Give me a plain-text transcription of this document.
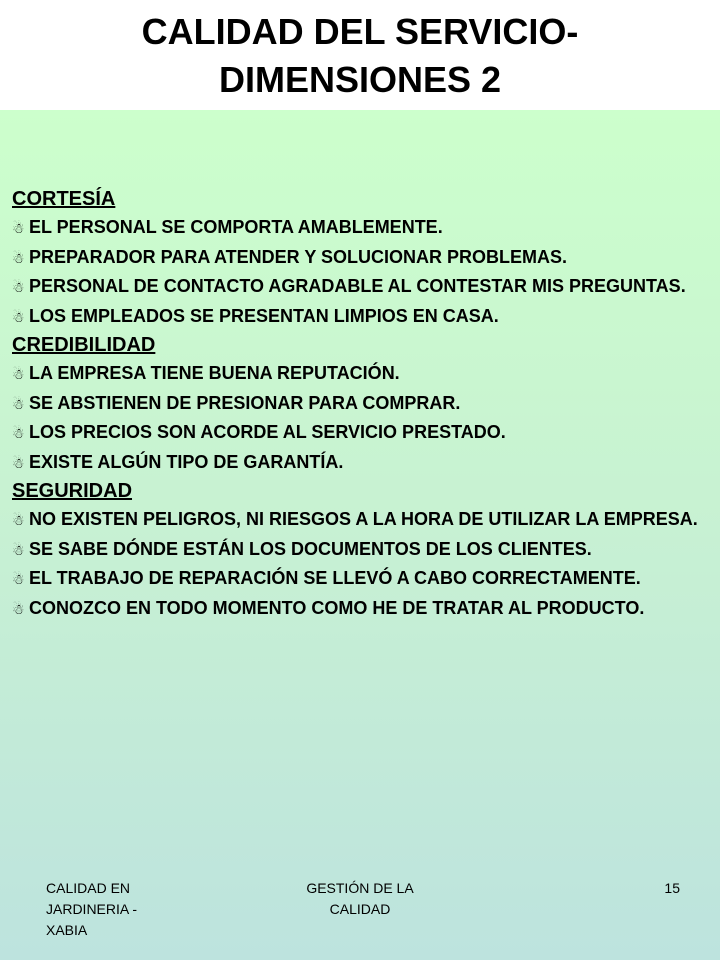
CALIDAD DEL SERVICIO-
DIMENSIONES 2
CORTESÍA
☃ EL PERSONAL SE COMPORTA AMABLEMENTE.
☃ PREPARADOR PARA ATENDER Y SOLUCIONAR PROBLEMAS.
☃ PERSONAL DE CONTACTO AGRADABLE AL CONTESTAR MIS PREGUNTAS.
☃ LOS EMPLEADOS SE PRESENTAN LIMPIOS EN CASA.
CREDIBILIDAD
☃ LA EMPRESA TIENE BUENA REPUTACIÓN.
☃ SE ABSTIENEN DE PRESIONAR PARA COMPRAR.
☃ LOS PRECIOS SON ACORDE AL SERVICIO PRESTADO.
☃ EXISTE ALGÚN TIPO DE GARANTÍA.
SEGURIDAD
☃ NO EXISTEN PELIGROS, NI RIESGOS A LA HORA DE UTILIZAR LA EMPRESA.
☃ SE SABE DÓNDE ESTÁN LOS DOCUMENTOS DE LOS CLIENTES.
☃ EL TRABAJO DE REPARACIÓN SE LLEVÓ A CABO CORRECTAMENTE.
☃ CONOZCO EN TODO MOMENTO COMO HE DE TRATAR AL PRODUCTO.
CALIDAD EN
JARDINERIA -
XABIA
GESTIÓN DE LA
CALIDAD
15
